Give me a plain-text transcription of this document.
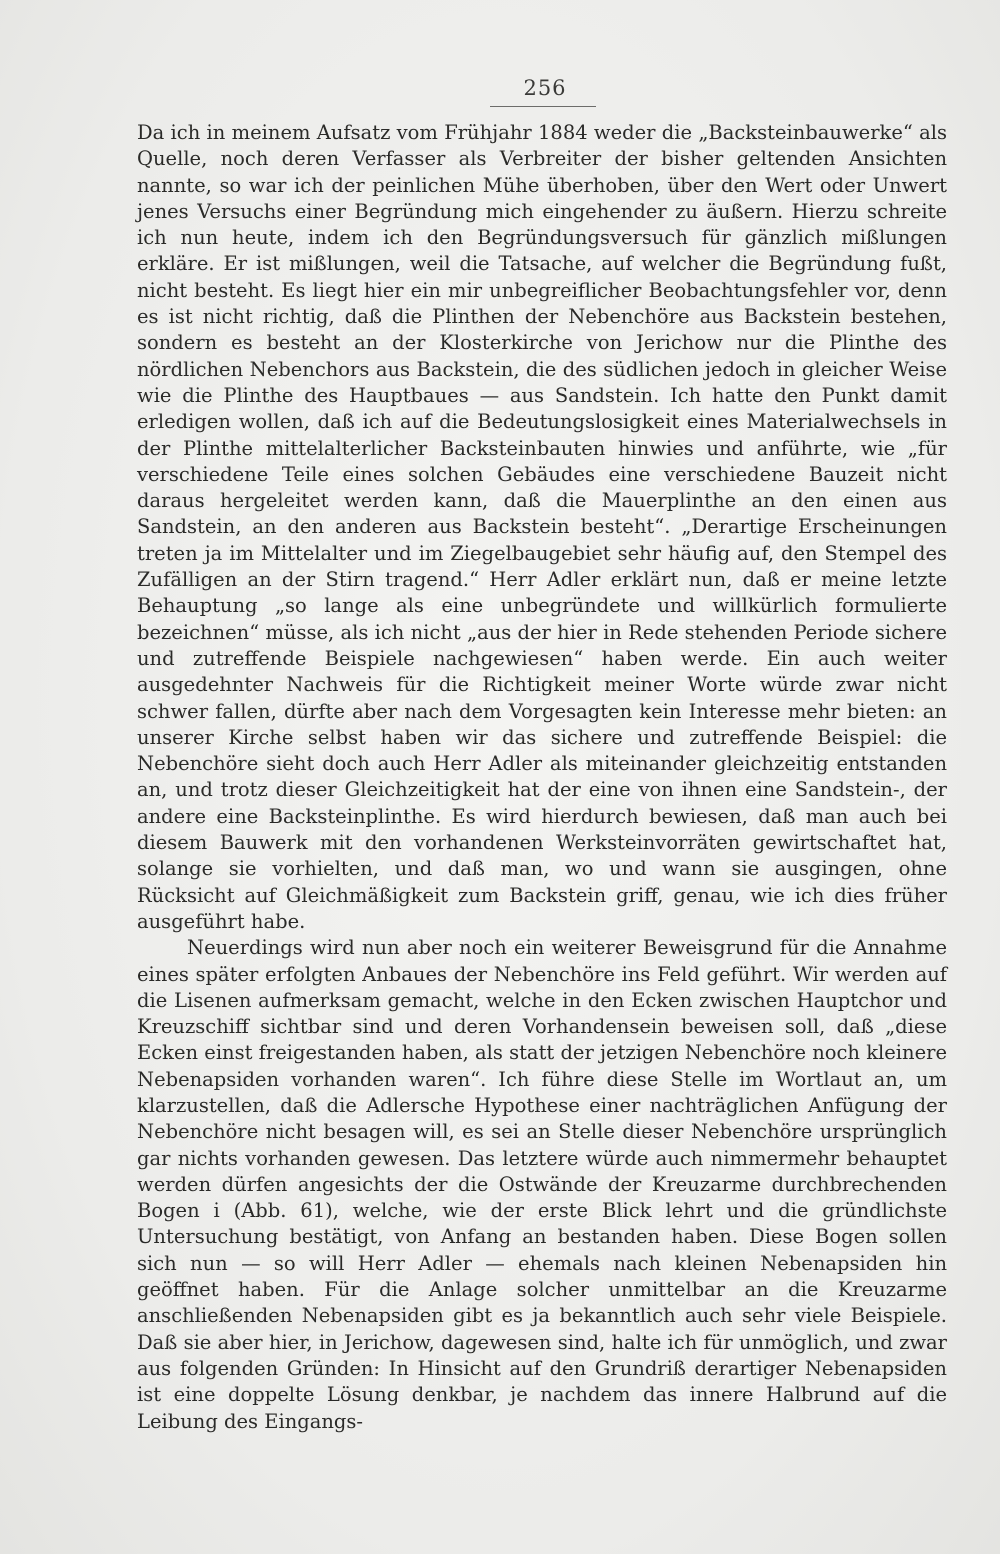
256

Da ich in meinem Aufsatz vom Frühjahr 1884 weder die „Backsteinbauwerke“ als Quelle, noch deren Verfasser als Verbreiter der bisher geltenden Ansichten nannte, so war ich der peinlichen Mühe überhoben, über den Wert oder Unwert jenes Versuchs einer Begründung mich eingehender zu äußern. Hierzu schreite ich nun heute, indem ich den Begründungsversuch für gänzlich mißlungen erkläre. Er ist mißlungen, weil die Tatsache, auf welcher die Begründung fußt, nicht besteht. Es liegt hier ein mir unbegreiflicher Beobachtungsfehler vor, denn es ist nicht richtig, daß die Plinthen der Nebenchöre aus Backstein bestehen, sondern es besteht an der Klosterkirche von Jerichow nur die Plinthe des nördlichen Nebenchors aus Backstein, die des südlichen jedoch in gleicher Weise wie die Plinthe des Hauptbaues — aus Sandstein. Ich hatte den Punkt damit erledigen wollen, daß ich auf die Bedeutungslosigkeit eines Materialwechsels in der Plinthe mittelalterlicher Backsteinbauten hinwies und anführte, wie „für verschiedene Teile eines solchen Gebäudes eine verschiedene Bauzeit nicht daraus hergeleitet werden kann, daß die Mauerplinthe an den einen aus Sandstein, an den anderen aus Backstein besteht“. „Derartige Erscheinungen treten ja im Mittelalter und im Ziegelbaugebiet sehr häufig auf, den Stempel des Zufälligen an der Stirn tragend.“ Herr Adler erklärt nun, daß er meine letzte Behauptung „so lange als eine unbegründete und willkürlich formulierte bezeichnen“ müsse, als ich nicht „aus der hier in Rede stehenden Periode sichere und zutreffende Beispiele nachgewiesen“ haben werde. Ein auch weiter ausgedehnter Nachweis für die Richtigkeit meiner Worte würde zwar nicht schwer fallen, dürfte aber nach dem Vorgesagten kein Interesse mehr bieten: an unserer Kirche selbst haben wir das sichere und zutreffende Beispiel: die Nebenchöre sieht doch auch Herr Adler als miteinander gleichzeitig entstanden an, und trotz dieser Gleichzeitigkeit hat der eine von ihnen eine Sandstein-, der andere eine Backsteinplinthe. Es wird hierdurch bewiesen, daß man auch bei diesem Bauwerk mit den vorhandenen Werksteinvorräten gewirtschaftet hat, solange sie vorhielten, und daß man, wo und wann sie ausgingen, ohne Rücksicht auf Gleichmäßigkeit zum Backstein griff, genau, wie ich dies früher ausgeführt habe.

Neuerdings wird nun aber noch ein weiterer Beweisgrund für die Annahme eines später erfolgten Anbaues der Nebenchöre ins Feld geführt. Wir werden auf die Lisenen aufmerksam gemacht, welche in den Ecken zwischen Hauptchor und Kreuzschiff sichtbar sind und deren Vorhandensein beweisen soll, daß „diese Ecken einst freigestanden haben, als statt der jetzigen Nebenchöre noch kleinere Nebenapsiden vorhanden waren“. Ich führe diese Stelle im Wortlaut an, um klarzustellen, daß die Adlersche Hypothese einer nachträglichen Anfügung der Nebenchöre nicht besagen will, es sei an Stelle dieser Nebenchöre ursprünglich gar nichts vorhanden gewesen. Das letztere würde auch nimmermehr behauptet werden dürfen angesichts der die Ostwände der Kreuzarme durchbrechenden Bogen i (Abb. 61), welche, wie der erste Blick lehrt und die gründlichste Untersuchung bestätigt, von Anfang an bestanden haben. Diese Bogen sollen sich nun — so will Herr Adler — ehemals nach kleinen Nebenapsiden hin geöffnet haben. Für die Anlage solcher unmittelbar an die Kreuzarme anschließenden Nebenapsiden gibt es ja bekanntlich auch sehr viele Beispiele. Daß sie aber hier, in Jerichow, dagewesen sind, halte ich für unmöglich, und zwar aus folgenden Gründen: In Hinsicht auf den Grundriß derartiger Nebenapsiden ist eine doppelte Lösung denkbar, je nachdem das innere Halbrund auf die Leibung des Eingangs-
